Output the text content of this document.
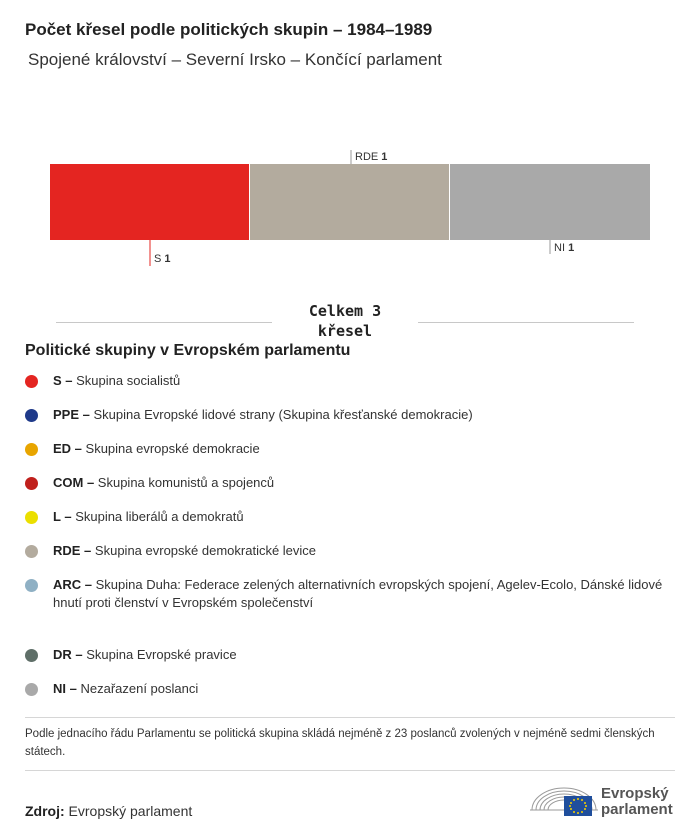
Počet křesel podle politických skupin – 1984–1989
Spojené království – Severní Irsko – Končící parlament
S 1
RDE 1
NI 1
Celkem 3
křesel
Politické skupiny v Evropském parlamentu
S – Skupina socialistů
PPE – Skupina Evropské lidové strany (Skupina křesťanské demokracie)
ED – Skupina evropské demokracie
COM – Skupina komunistů a spojenců
L – Skupina liberálů a demokratů
RDE – Skupina evropské demokratické levice
ARC – Skupina Duha: Federace zelených alternativních evropských spojení, Agelev-Ecolo, Dánské lidové hnutí proti členství v Evropském společenství
DR – Skupina Evropské pravice
NI – Nezařazení poslanci
Podle jednacího řádu Parlamentu se politická skupina skládá nejméně z 23 poslanců zvolených v nejméně sedmi členských státech.
Zdroj: Evropský parlament
Evropský
parlament
